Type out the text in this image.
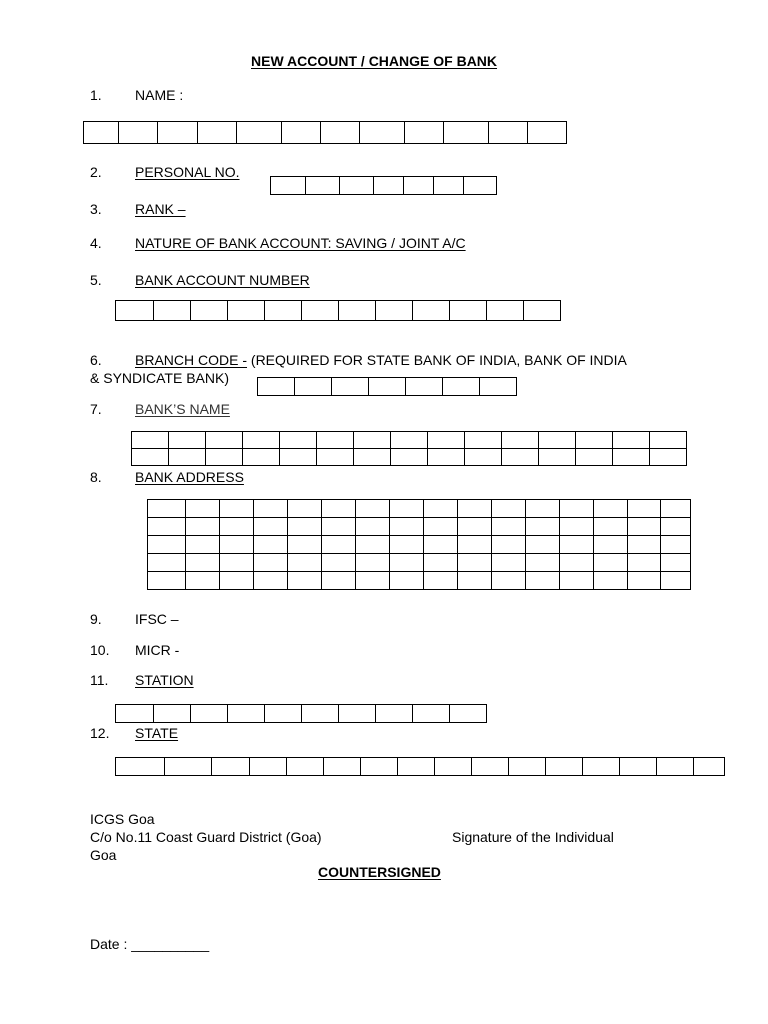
NEW ACCOUNT / CHANGE OF BANK
1. NAME :
2. PERSONAL NO.
3. RANK –
4. NATURE OF BANK ACCOUNT: SAVING / JOINT A/C
5. BANK ACCOUNT NUMBER
6. BRANCH CODE - (REQUIRED FOR STATE BANK OF INDIA, BANK OF INDIA
& SYNDICATE BANK)
7. BANK’S NAME
8. BANK ADDRESS
9. IFSC –
10. MICR -
11. STATION
12. STATE
ICGS Goa
C/o No.11 Coast Guard District (Goa)
Goa
Signature of the Individual
COUNTERSIGNED
Date : __________
